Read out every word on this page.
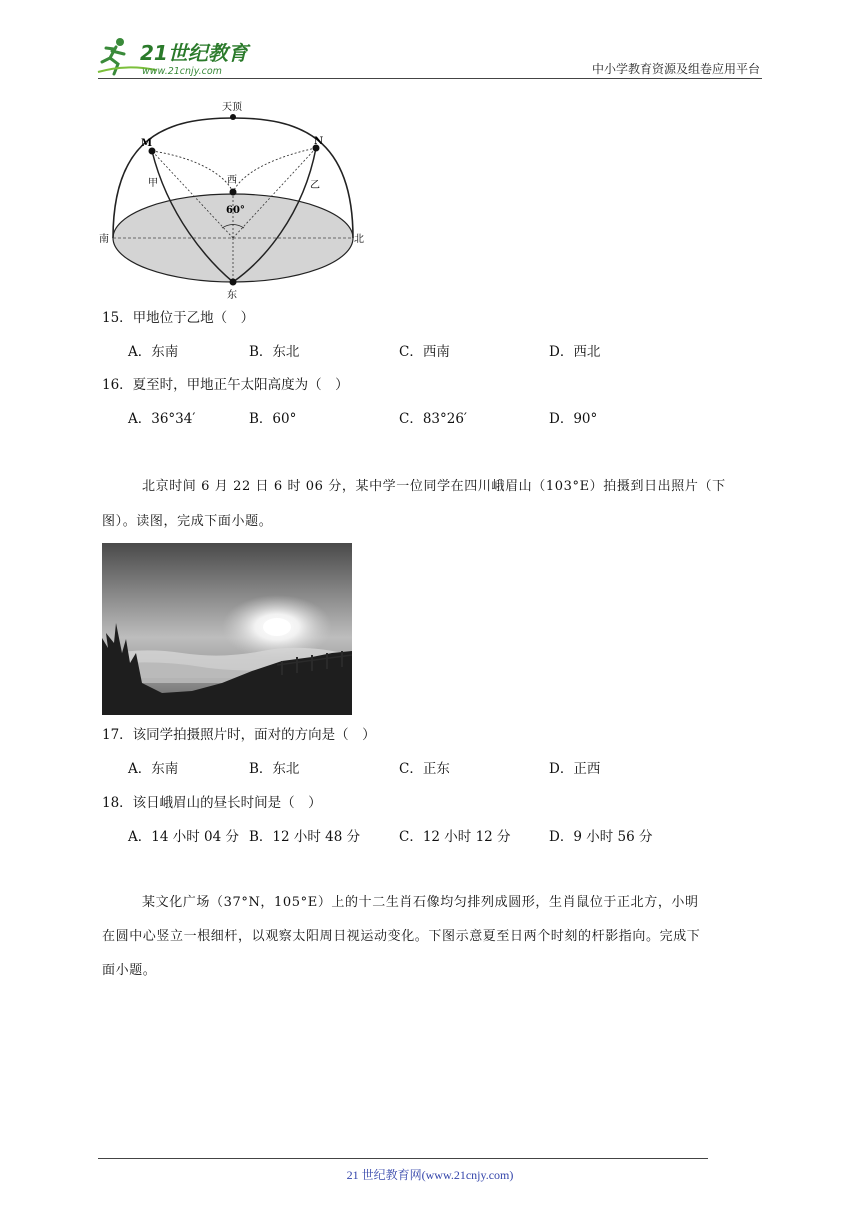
21世纪教育
www.21cnjy.com	中小学教育资源及组卷应用平台
天顶
M	N
西
甲	乙
60°
南	北
东
15．甲地位于乙地（　）
A．东南	B．东北	C．西南	D．西北
16．夏至时，甲地正午太阳高度为（　）
A．36°34′	B．60°	C．83°26′	D．90°
北京时间 6 月 22 日 6 时 06 分，某中学一位同学在四川峨眉山（103°E）拍摄到日出照片（下
图）。读图，完成下面小题。
17．该同学拍摄照片时，面对的方向是（　）
A．东南	B．东北	C．正东	D．正西
18．该日峨眉山的昼长时间是（　）
A．14 小时 04 分 B．12 小时 48 分	C．12 小时 12 分	D．9 小时 56 分
某文化广场（37°N，105°E）上的十二生肖石像均匀排列成圆形，生肖鼠位于正北方，小明
在圆中心竖立一根细杆，以观察太阳周日视运动变化。下图示意夏至日两个时刻的杆影指向。完成下
面小题。
21 世纪教育网(www.21cnjy.com)
